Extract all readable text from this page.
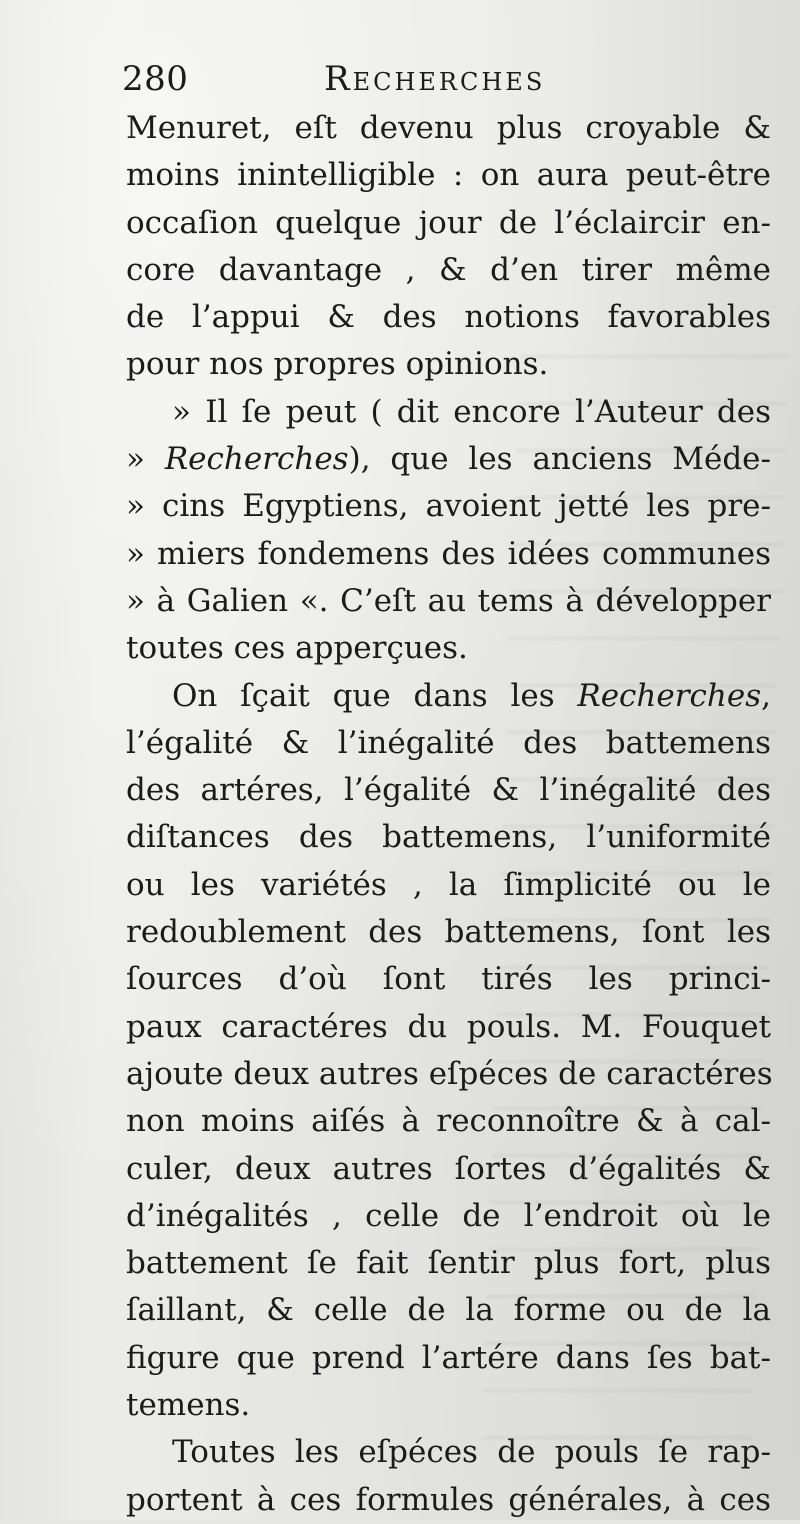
280	Recherches
Menuret, eſt devenu plus croyable &
moins inintelligible : on aura peut-être
occaſion quelque jour de l’éclaircir en-
core davantage , & d’en tirer même
de l’appui & des notions favorables
pour nos propres opinions.
» Il ſe peut ( dit encore l’Auteur des
» Recherches), que les anciens Méde-
» cins Egyptiens, avoient jetté les pre-
» miers fondemens des idées communes
» à Galien «. C’eſt au tems à développer
toutes ces apperçues.
On ſçait que dans les Recherches,
l’égalité & l’inégalité des battemens
des artéres, l’égalité & l’inégalité des
diſtances des battemens, l’uniformité
ou les variétés , la ſimplicité ou le
redoublement des battemens, ſont les
ſources d’où ſont tirés les princi-
paux caractéres du pouls. M. Fouquet
ajoute deux autres eſpéces de caractéres
non moins aiſés à reconnoître & à cal-
culer, deux autres ſortes d’égalités &
d’inégalités , celle de l’endroit où le
battement ſe fait ſentir plus fort, plus
ſaillant, & celle de la forme ou de la
figure que prend l’artére dans ſes bat-
temens.
Toutes les eſpéces de pouls ſe rap-
portent à ces formules générales, à ces
